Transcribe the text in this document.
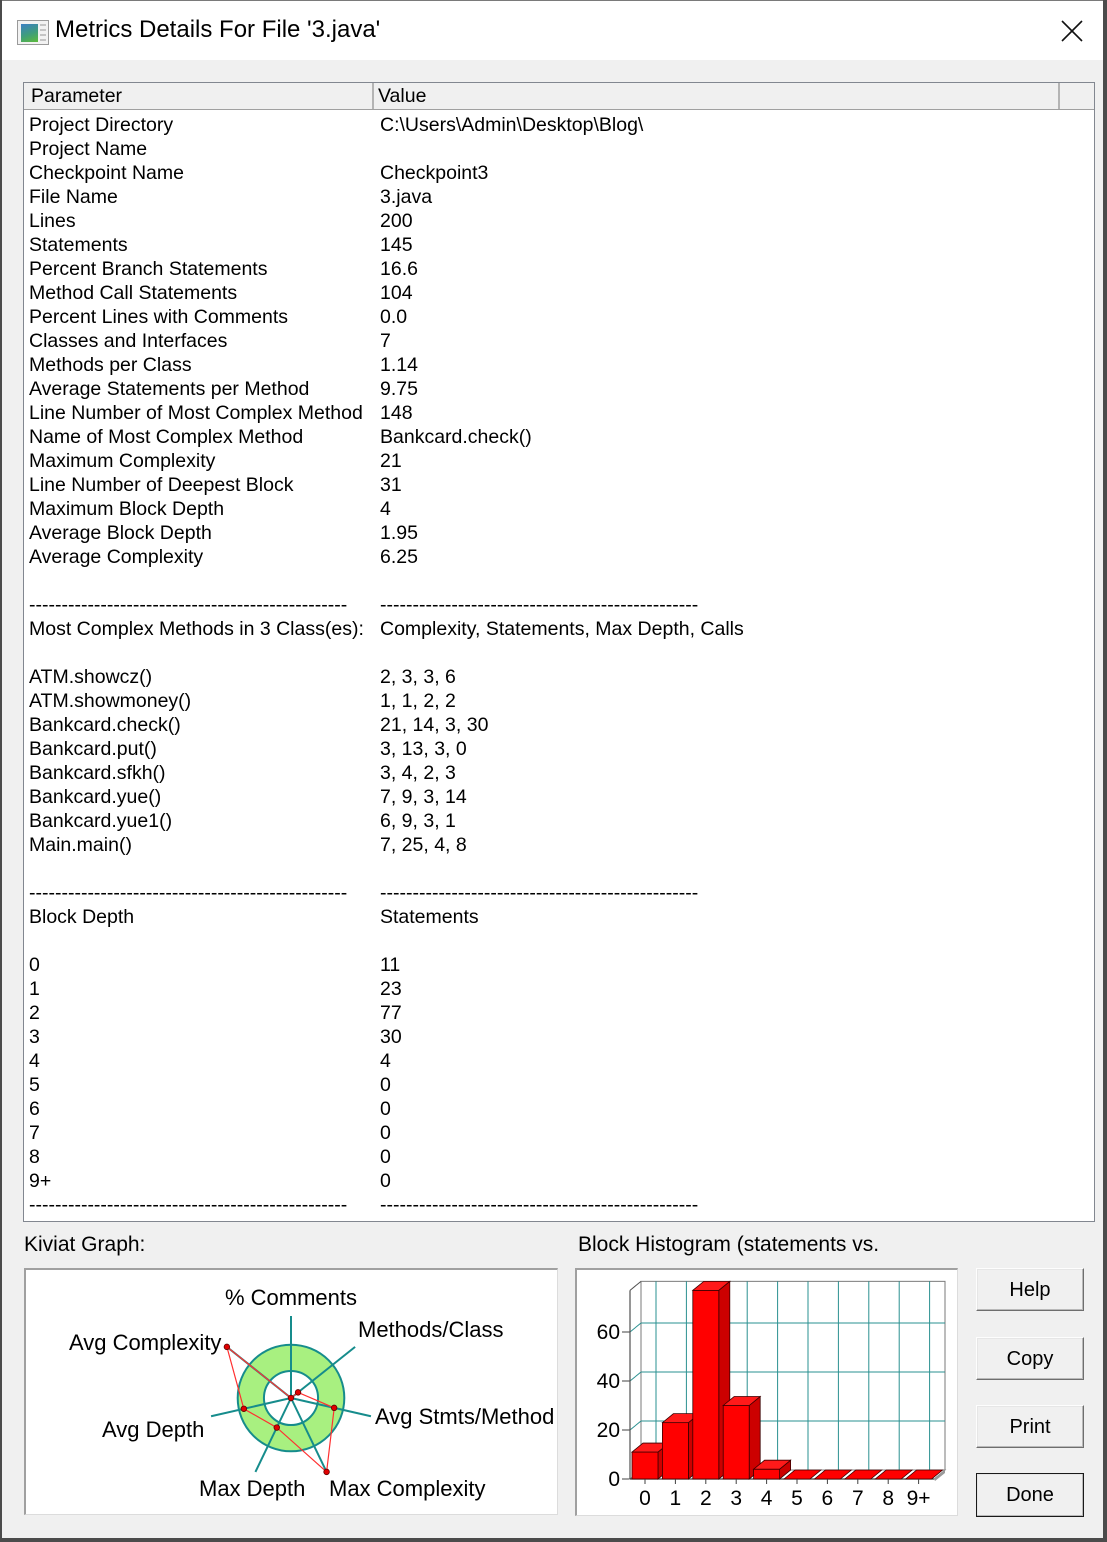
Metrics Details For File '3.java'
Parameter	Value
Project Directory	C:\Users\Admin\Desktop\Blog\
Project Name
Checkpoint Name	Checkpoint3
File Name	3.java
Lines	200
Statements	145
Percent Branch Statements	16.6
Method Call Statements	104
Percent Lines with Comments	0.0
Classes and Interfaces	7
Methods per Class	1.14
Average Statements per Method	9.75
Line Number of Most Complex Method 148
Name of Most Complex Method	Bankcard.check()
Maximum Complexity	21
Line Number of Deepest Block	31
Maximum Block Depth	4
Average Block Depth	1.95
Average Complexity	6.25
-------------------------------------------------	-------------------------------------------------
Most Complex Methods in 3 Class(es): Complexity, Statements, Max Depth, Calls
ATM.showcz()	2, 3, 3, 6
ATM.showmoney()	1, 1, 2, 2
Bankcard.check()	21, 14, 3, 30
Bankcard.put()	3, 13, 3, 0
Bankcard.sfkh()	3, 4, 2, 3
Bankcard.yue()	7, 9, 3, 14
Bankcard.yue1()	6, 9, 3, 1
Main.main()	7, 25, 4, 8
-------------------------------------------------	-------------------------------------------------
Block Depth	Statements
0	11
1	23
2	77
3	30
4	4
5	0
6	0
7	0
8	0
9+	0
-------------------------------------------------	-------------------------------------------------
Kiviat Graph:	Block Histogram (statements vs.
% Comments
Methods/Class
Avg Stmts/Method
Max Complexity
Max Depth
Avg Depth
Avg Complexity
0
20
40
60
0 1 2 3 4 5 6 7 8 9+
Help
Copy
Print
Done
